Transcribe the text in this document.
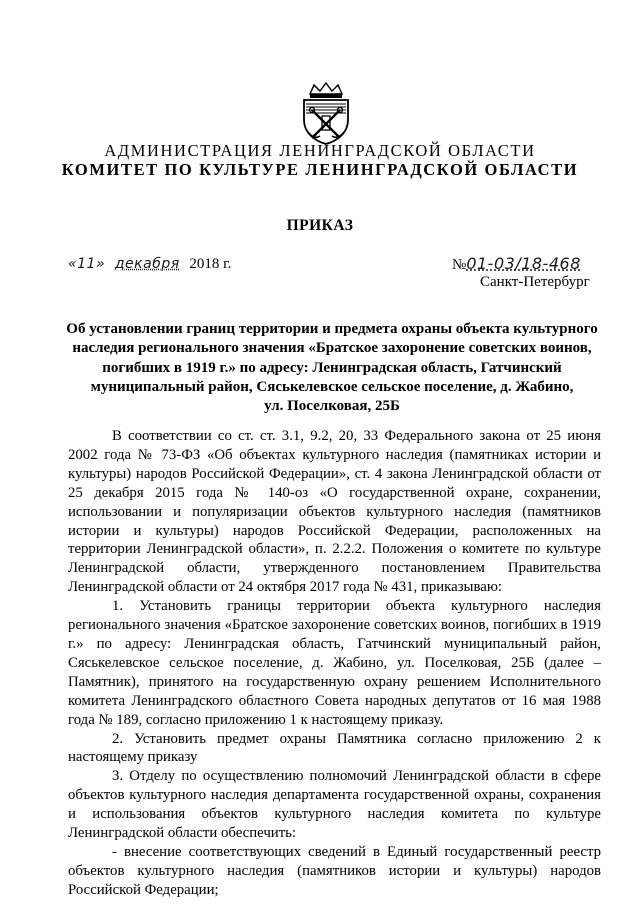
АДМИНИСТРАЦИЯ ЛЕНИНГРАДСКОЙ ОБЛАСТИ
КОМИТЕТ ПО КУЛЬТУРЕ ЛЕНИНГРАДСКОЙ ОБЛАСТИ
ПРИКАЗ
«11» декабря 2018 г.	№01-03/18-468
Санкт-Петербург
Об установлении границ территории и предмета охраны объекта культурного
наследия регионального значения «Братское захоронение советских воинов,
погибших в 1919 г.» по адресу: Ленинградская область, Гатчинский
муниципальный район, Сяськелевское сельское поселение, д. Жабино,
ул. Поселковая, 25Б

В соответствии со ст. ст. 3.1, 9.2, 20, 33 Федерального закона от 25 июня 2002 года № 73-ФЗ «Об объектах культурного наследия (памятниках истории и культуры) народов Российской Федерации», ст. 4 закона Ленинградской области от 25 декабря 2015 года № 140-оз «О государственной охране, сохранении, использовании и популяризации объектов культурного наследия (памятников истории и культуры) народов Российской Федерации, расположенных на территории Ленинградской области», п. 2.2.2. Положения о комитете по культуре Ленинградской области, утвержденного постановлением Правительства Ленинградской области от 24 октября 2017 года № 431, приказываю:

1. Установить границы территории объекта культурного наследия регионального значения «Братское захоронение советских воинов, погибших в 1919 г.» по адресу: Ленинградская область, Гатчинский муниципальный район, Сяськелевское сельское поселение, д. Жабино, ул. Поселковая, 25Б (далее – Памятник), принятого на государственную охрану решением Исполнительного комитета Ленинградского областного Совета народных депутатов от 16 мая 1988 года № 189, согласно приложению 1 к настоящему приказу.

2. Установить предмет охраны Памятника согласно приложению 2 к настоящему приказу

3. Отделу по осуществлению полномочий Ленинградской области в сфере объектов культурного наследия департамента государственной охраны, сохранения и использования объектов культурного наследия комитета по культуре Ленинградской области обеспечить:

- внесение соответствующих сведений в Единый государственный реестр объектов культурного наследия (памятников истории и культуры) народов Российской Федерации;
